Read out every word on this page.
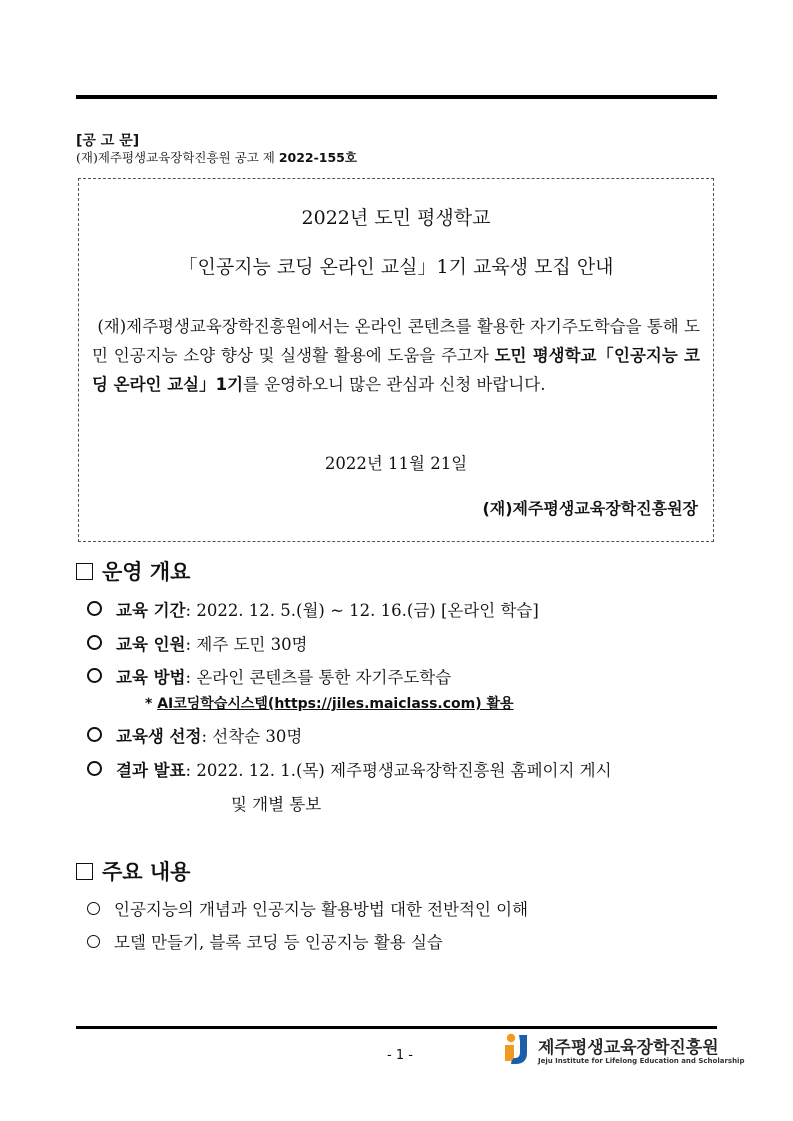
[공 고 문]
(재)제주평생교육장학진흥원 공고 제 2022-155호
2022년 도민 평생학교
「인공지능 코딩 온라인 교실」1기 교육생 모집 안내
(재)제주평생교육장학진흥원에서는 온라인 콘텐츠를 활용한 자기주도학습을 통해 도민 인공지능 소양 향상 및 실생활 활용에 도움을 주고자 도민 평생학교「인공지능 코딩 온라인 교실」1기를 운영하오니 많은 관심과 신청 바랍니다.
2022년 11월 21일
(재)제주평생교육장학진흥원장
운영 개요
교육 기간: 2022. 12. 5.(월) ~ 12. 16.(금) [온라인 학습]
교육 인원: 제주 도민 30명
교육 방법: 온라인 콘텐츠를 통한 자기주도학습
* AI코딩학습시스템(https://jiles.maiclass.com) 활용
교육생 선정: 선착순 30명
결과 발표: 2022. 12. 1.(목) 제주평생교육장학진흥원 홈페이지 게시
및 개별 통보
주요 내용
인공지능의 개념과 인공지능 활용방법 대한 전반적인 이해
모델 만들기, 블록 코딩 등 인공지능 활용 실습
- 1 -	제주평생교육장학진흥원
Jeju Institute for Lifelong Education and Scholarship
